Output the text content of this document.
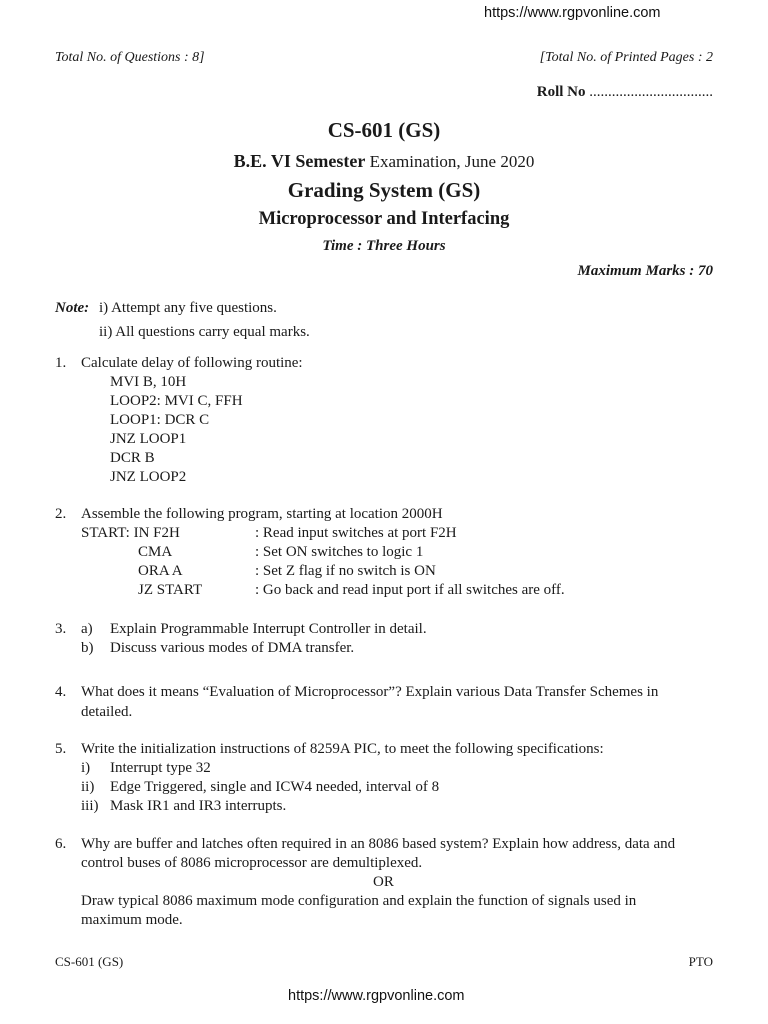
https://www.rgpvonline.com
Total No. of Questions : 8]	[Total No. of Printed Pages : 2
Roll No .................................
CS-601 (GS)
B.E. VI Semester Examination, June 2020
Grading System (GS)
Microprocessor and Interfacing
Time : Three Hours
Maximum Marks : 70
Note: i) Attempt any five questions.
ii) All questions carry equal marks.
1. Calculate delay of following routine:
MVI B, 10H
LOOP2: MVI C, FFH
LOOP1: DCR C
JNZ LOOP1
DCR B
JNZ LOOP2
2. Assemble the following program, starting at location 2000H
START: IN F2H	: Read input switches at port F2H
CMA	: Set ON switches to logic 1
ORA A	: Set Z flag if no switch is ON
JZ START	: Go back and read input port if all switches are off.
3. a) Explain Programmable Interrupt Controller in detail.
b) Discuss various modes of DMA transfer.
4. What does it means “Evaluation of Microprocessor”? Explain various Data Transfer Schemes in
detailed.
5. Write the initialization instructions of 8259A PIC, to meet the following specifications:
i) Interrupt type 32
ii) Edge Triggered, single and ICW4 needed, interval of 8
iii) Mask IR1 and IR3 interrupts.
6. Why are buffer and latches often required in an 8086 based system? Explain how address, data and
control buses of 8086 microprocessor are demultiplexed.
OR
Draw typical 8086 maximum mode configuration and explain the function of signals used in
maximum mode.
CS-601 (GS)	PTO
https://www.rgpvonline.com
